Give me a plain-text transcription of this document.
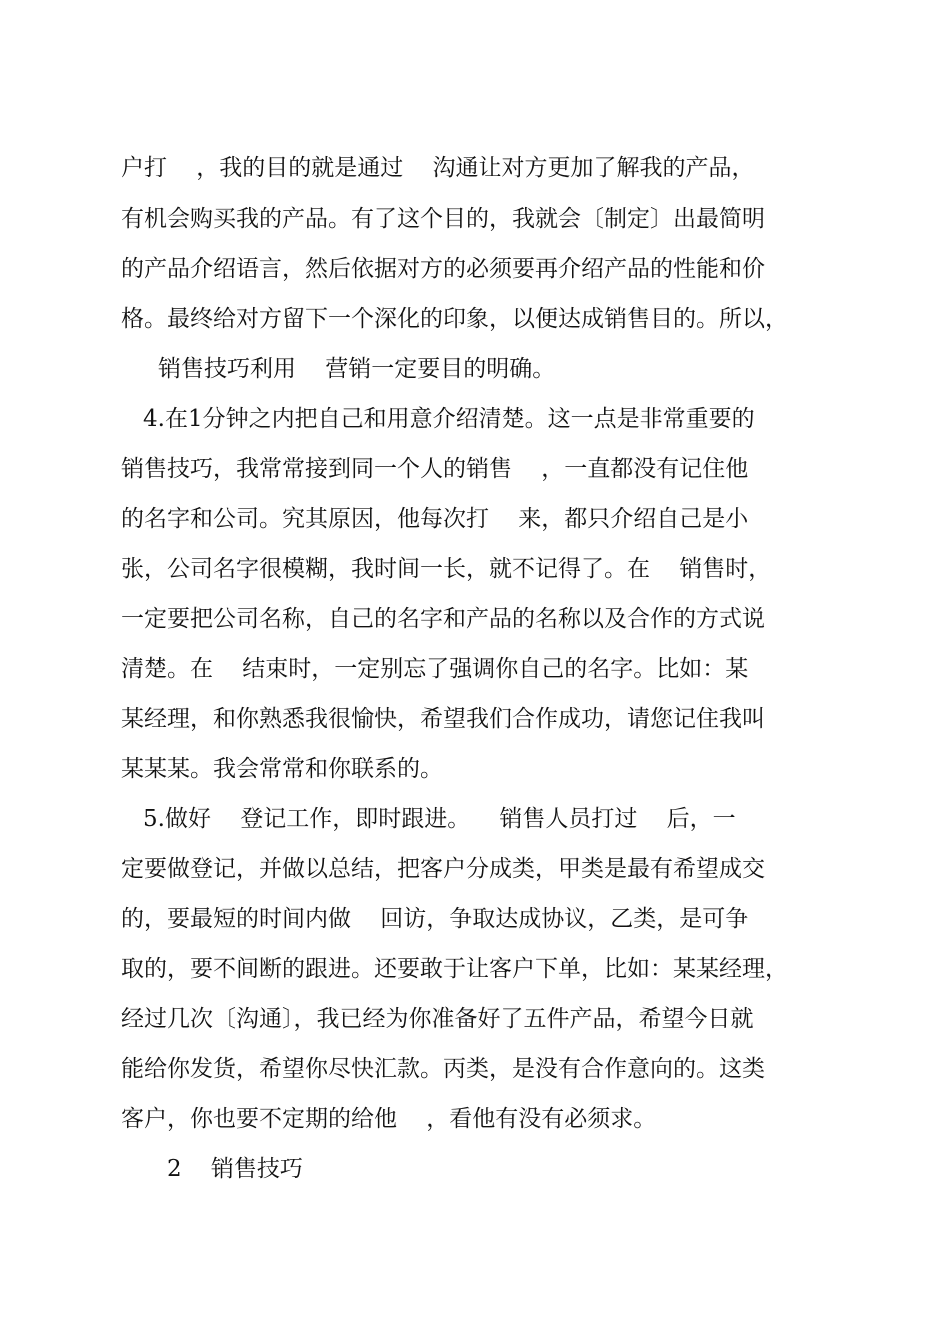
户打    ，我的目的就是通过    沟通让对方更加了解我的产品，
有机会购买我的产品。有了这个目的，我就会〔制定〕出最简明
的产品介绍语言，然后依据对方的必须要再介绍产品的性能和价
格。最终给对方留下一个深化的印象，以便达成销售目的。所以，
销售技巧利用    营销一定要目的明确。
4.在1分钟之内把自己和用意介绍清楚。这一点是非常重要的
销售技巧，我常常接到同一个人的销售    ，一直都没有记住他
的名字和公司。究其原因，他每次打    来，都只介绍自己是小
张，公司名字很模糊，我时间一长，就不记得了。在    销售时，
一定要把公司名称，自己的名字和产品的名称以及合作的方式说
清楚。在    结束时，一定别忘了强调你自己的名字。比如：某
某经理，和你熟悉我很愉快，希望我们合作成功，请您记住我叫
某某某。我会常常和你联系的。
5.做好    登记工作，即时跟进。    销售人员打过    后，一
定要做登记，并做以总结，把客户分成类，甲类是最有希望成交
的，要最短的时间内做    回访，争取达成协议，乙类，是可争
取的，要不间断的跟进。还要敢于让客户下单，比如：某某经理，
经过几次〔沟通〕，我已经为你准备好了五件产品，希望今日就
能给你发货，希望你尽快汇款。丙类，是没有合作意向的。这类
客户，你也要不定期的给他    ，看他有没有必须求。
2    销售技巧
